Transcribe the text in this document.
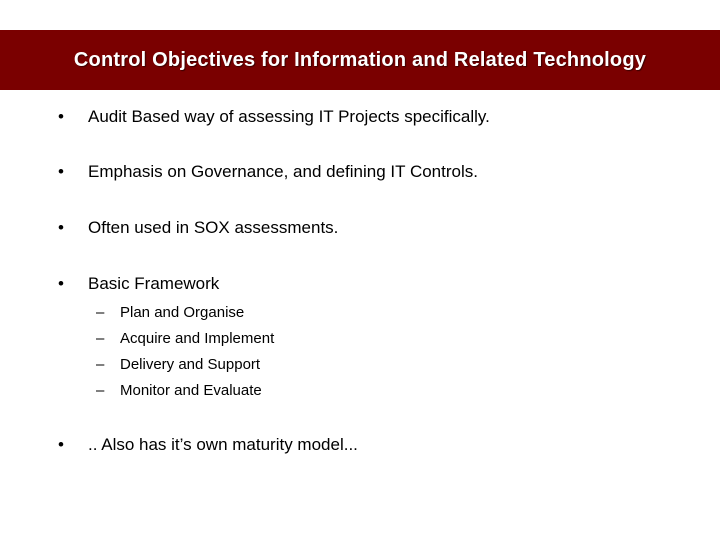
Control Objectives for Information and Related Technology
•	Audit Based way of assessing IT Projects specifically.
•	Emphasis on Governance, and defining IT Controls.
•	Often used in SOX assessments.
•	Basic Framework
–	Plan and Organise
–	Acquire and Implement
–	Delivery and Support
–	Monitor and Evaluate
•	.. Also has it’s own maturity model...
